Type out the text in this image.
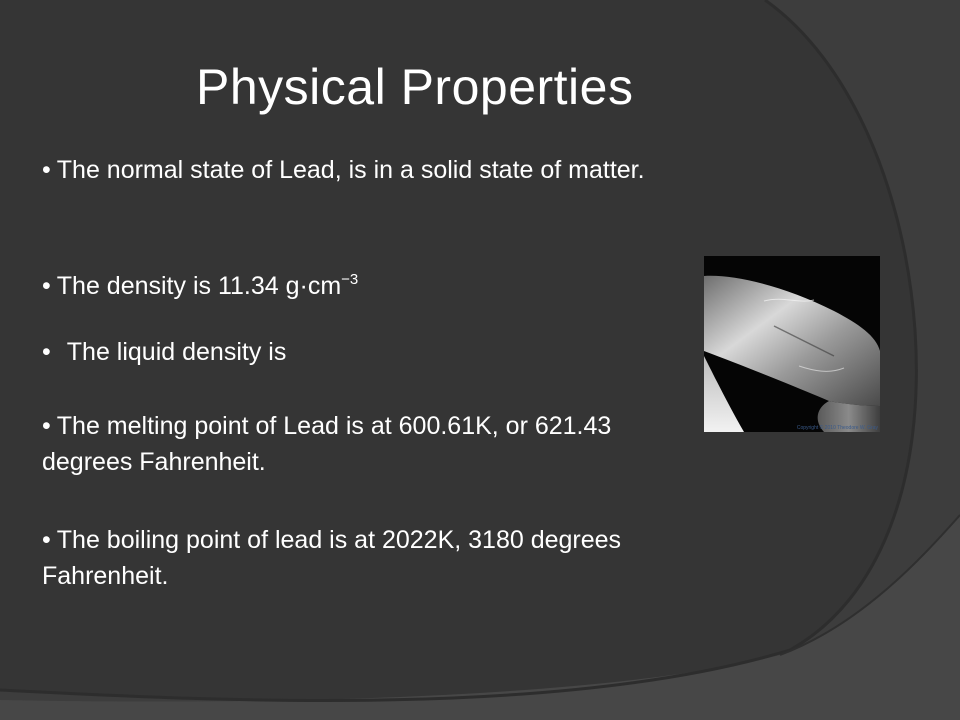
Physical Properties
• The normal state of Lead, is in a solid state of matter.
• The density is 11.34 $g\cdot cm^{-3}$
• The liquid density is
• The melting point of Lead is at 600.61K, or 621.43 degrees Fahrenheit.
• The boiling point of lead is at 2022K, 3180 degrees Fahrenheit.
Copyright © 2010 Theodore W. Gray
